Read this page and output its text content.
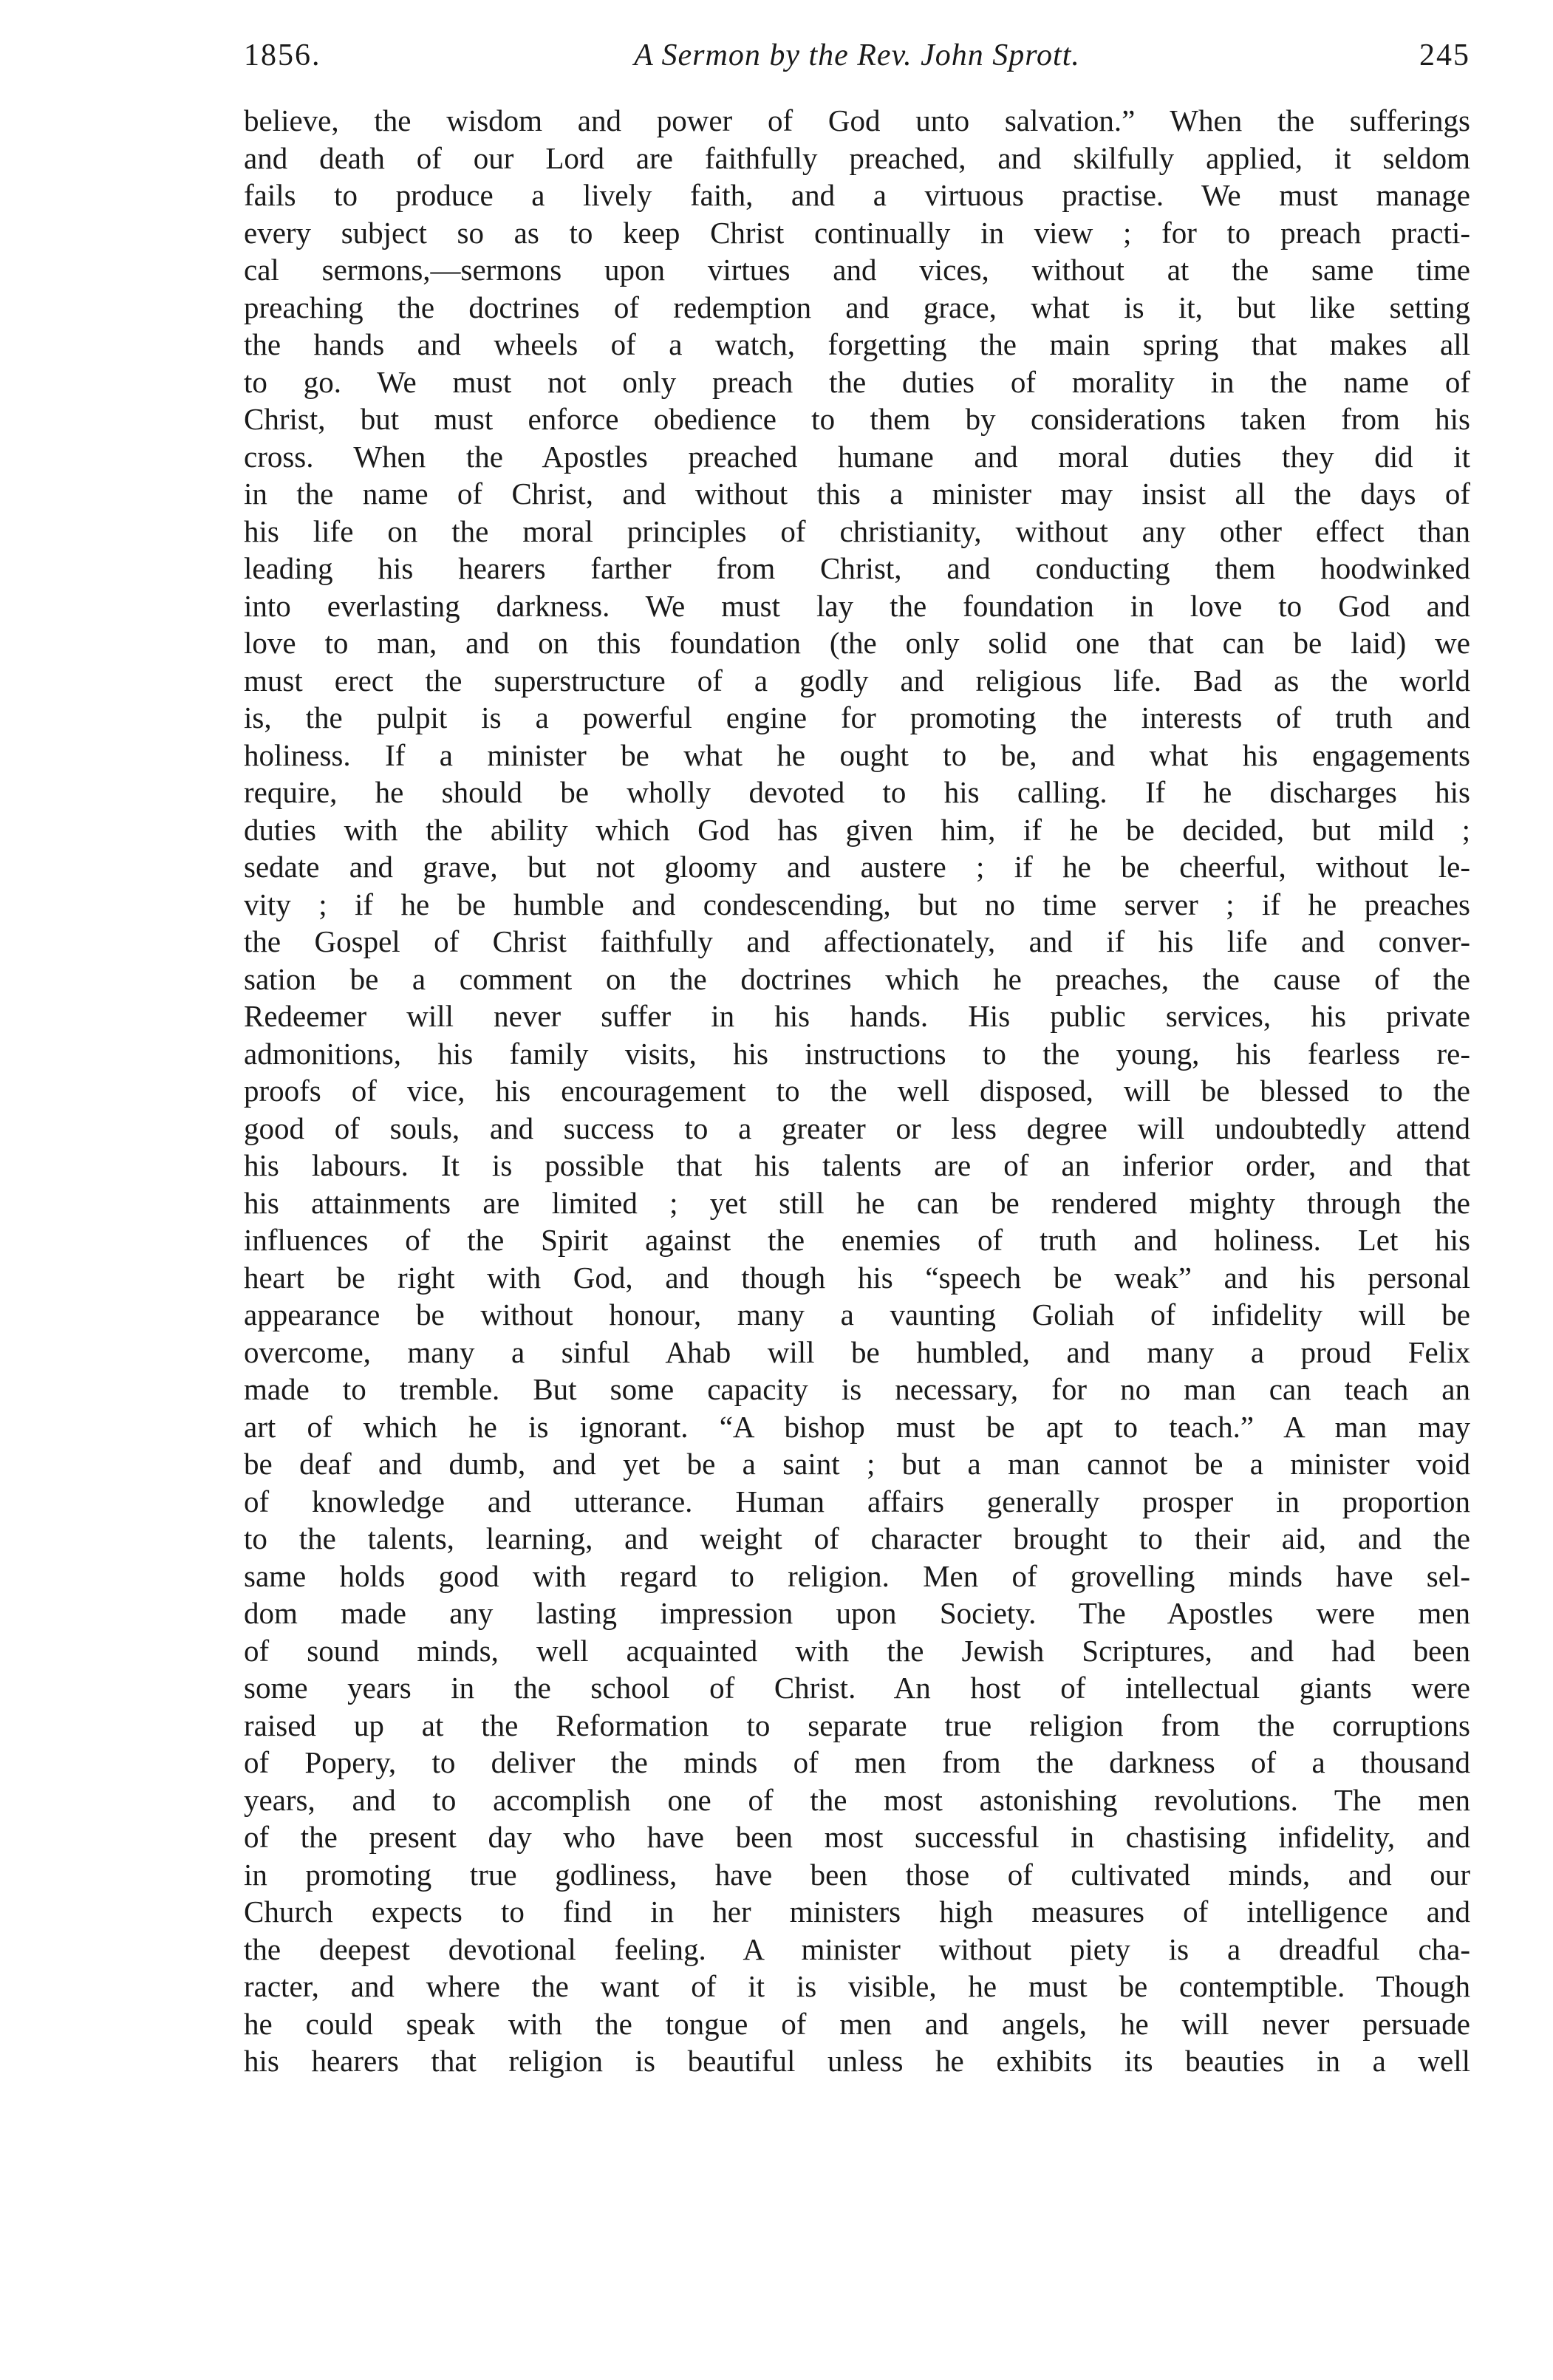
1856.	A Sermon by the Rev. John Sprott.	245
believe, the wisdom and power of God unto salvation.” When the sufferings
and death of our Lord are faithfully preached, and skilfully applied, it seldom
fails to produce a lively faith, and a virtuous practise. We must manage
every subject so as to keep Christ continually in view ; for to preach practi-
cal sermons,—sermons upon virtues and vices, without at the same time
preaching the doctrines of redemption and grace, what is it, but like setting
the hands and wheels of a watch, forgetting the main spring that makes all
to go. We must not only preach the duties of morality in the name of
Christ, but must enforce obedience to them by considerations taken from his
cross. When the Apostles preached humane and moral duties they did it
in the name of Christ, and without this a minister may insist all the days of
his life on the moral principles of christianity, without any other effect than
leading his hearers farther from Christ, and conducting them hoodwinked
into everlasting darkness. We must lay the foundation in love to God and
love to man, and on this foundation (the only solid one that can be laid) we
must erect the superstructure of a godly and religious life. Bad as the world
is, the pulpit is a powerful engine for promoting the interests of truth and
holiness. If a minister be what he ought to be, and what his engagements
require, he should be wholly devoted to his calling. If he discharges his
duties with the ability which God has given him, if he be decided, but mild ;
sedate and grave, but not gloomy and austere ; if he be cheerful, without le-
vity ; if he be humble and condescending, but no time server ; if he preaches
the Gospel of Christ faithfully and affectionately, and if his life and conver-
sation be a comment on the doctrines which he preaches, the cause of the
Redeemer will never suffer in his hands. His public services, his private
admonitions, his family visits, his instructions to the young, his fearless re-
proofs of vice, his encouragement to the well disposed, will be blessed to the
good of souls, and success to a greater or less degree will undoubtedly attend
his labours. It is possible that his talents are of an inferior order, and that
his attainments are limited ; yet still he can be rendered mighty through the
influences of the Spirit against the enemies of truth and holiness. Let his
heart be right with God, and though his “speech be weak” and his personal
appearance be without honour, many a vaunting Goliah of infidelity will be
overcome, many a sinful Ahab will be humbled, and many a proud Felix
made to tremble. But some capacity is necessary, for no man can teach an
art of which he is ignorant. “A bishop must be apt to teach.” A man may
be deaf and dumb, and yet be a saint ; but a man cannot be a minister void
of knowledge and utterance. Human affairs generally prosper in proportion
to the talents, learning, and weight of character brought to their aid, and the
same holds good with regard to religion. Men of grovelling minds have sel-
dom made any lasting impression upon Society. The Apostles were men
of sound minds, well acquainted with the Jewish Scriptures, and had been
some years in the school of Christ. An host of intellectual giants were
raised up at the Reformation to separate true religion from the corruptions
of Popery, to deliver the minds of men from the darkness of a thousand
years, and to accomplish one of the most astonishing revolutions. The men
of the present day who have been most successful in chastising infidelity, and
in promoting true godliness, have been those of cultivated minds, and our
Church expects to find in her ministers high measures of intelligence and
the deepest devotional feeling. A minister without piety is a dreadful cha-
racter, and where the want of it is visible, he must be contemptible. Though
he could speak with the tongue of men and angels, he will never persuade
his hearers that religion is beautiful unless he exhibits its beauties in a well
